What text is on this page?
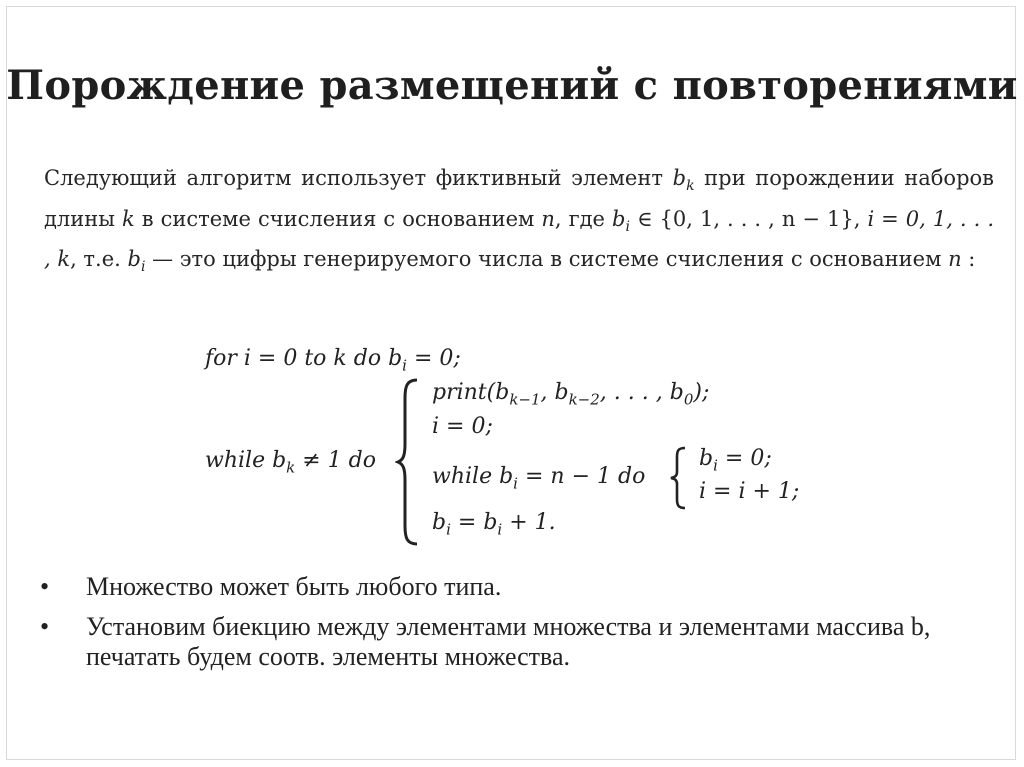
Порождение размещений с повторениями
Следующий алгоритм использует фиктивный элемент $b_k$ при порождении наборов длины k в системе счисления с основанием n, где $b_i$ ∈ {0, 1, . . . , n − 1}, i = 0, 1, . . . , k, т.е. $b_i$ — это цифры генерируемого числа в системе счисления с основанием n :
for i = 0 to k do $b_i = 0$;
while $b_k \ne 1$ do
$print(b_{k-1}$, $b_{k-2}$, . . . , $b_0$);
i = 0;
while $b_i = n - 1$ do
$b_i = 0$;
i = i + 1;
$b_i = b_i + 1$.
• Множество может быть любого типа.
• Установим биекцию между элементами множества и элементами массива b, печатать будем соотв. элементы множества.
